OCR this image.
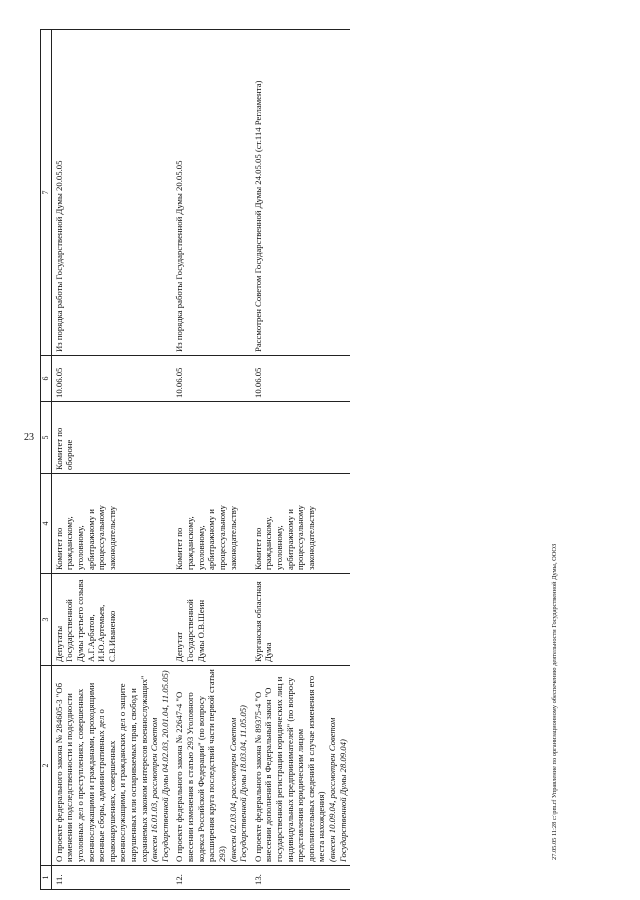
23
1	2	3	4	5	6	7
11.	О проекте федерального закона № 284605-3 "Об изменении подследственности и подсудности уголовных дел о преступлениях, совершенных военнослужащими и гражданами, проходящими военные сборы, административных дел о правонарушениях, совершенных военнослужащими, и гражданских дел о защите нарушенных или оспариваемых прав, свобод и охраняемых законом интересов военнослужащих" (внесен 16.01.03, рассмотрен Советом Государственной Думы 04.02.03, 20.01.04, 11.05.05)	Депутаты Государственной Думы третьего созыва А.Г.Арбатов, И.Ю.Артемьев, С.В.Иваненко	Комитет по гражданскому, уголовному, арбитражному и процессуальному законодательству	Комитет по обороне	10.06.05	Из порядка работы Государственной Думы 20.05.05
12.	О проекте федерального закона № 22647-4 "О внесении изменения в статью 293 Уголовного кодекса Российской Федерации" (по вопросу расширения круга последствий части первой статьи 293) (внесен 02.03.04, рассмотрен Советом Государственной Думы 18.03.04, 11.05.05)	Депутат Государственной Думы О.В.Шеин	Комитет по гражданскому, уголовному, арбитражному и процессуальному законодательству		10.06.05	Из порядка работы Государственной Думы 20.05.05
13.	О проекте федерального закона № 89375-4 "О внесении дополнений в Федеральный закон "О государственной регистрации юридических лиц и индивидуальных предпринимателей" (по вопросу представления юридическим лицом дополнительных сведений в случае изменения его места нахождения) (внесен 10.09.04, рассмотрен Советом Государственной Думы 28.09.04)	Курганская областная Дума	Комитет по гражданскому, уголовному, арбитражному и процессуальному законодательству		10.06.05	Рассмотрен Советом Государственной Думы 24.05.05 (ст.114 Регламента)
27.05.05 11:28 c:\pm.rf Управление по организационному обеспечению деятельности Государственной Думы, ОООЗ
